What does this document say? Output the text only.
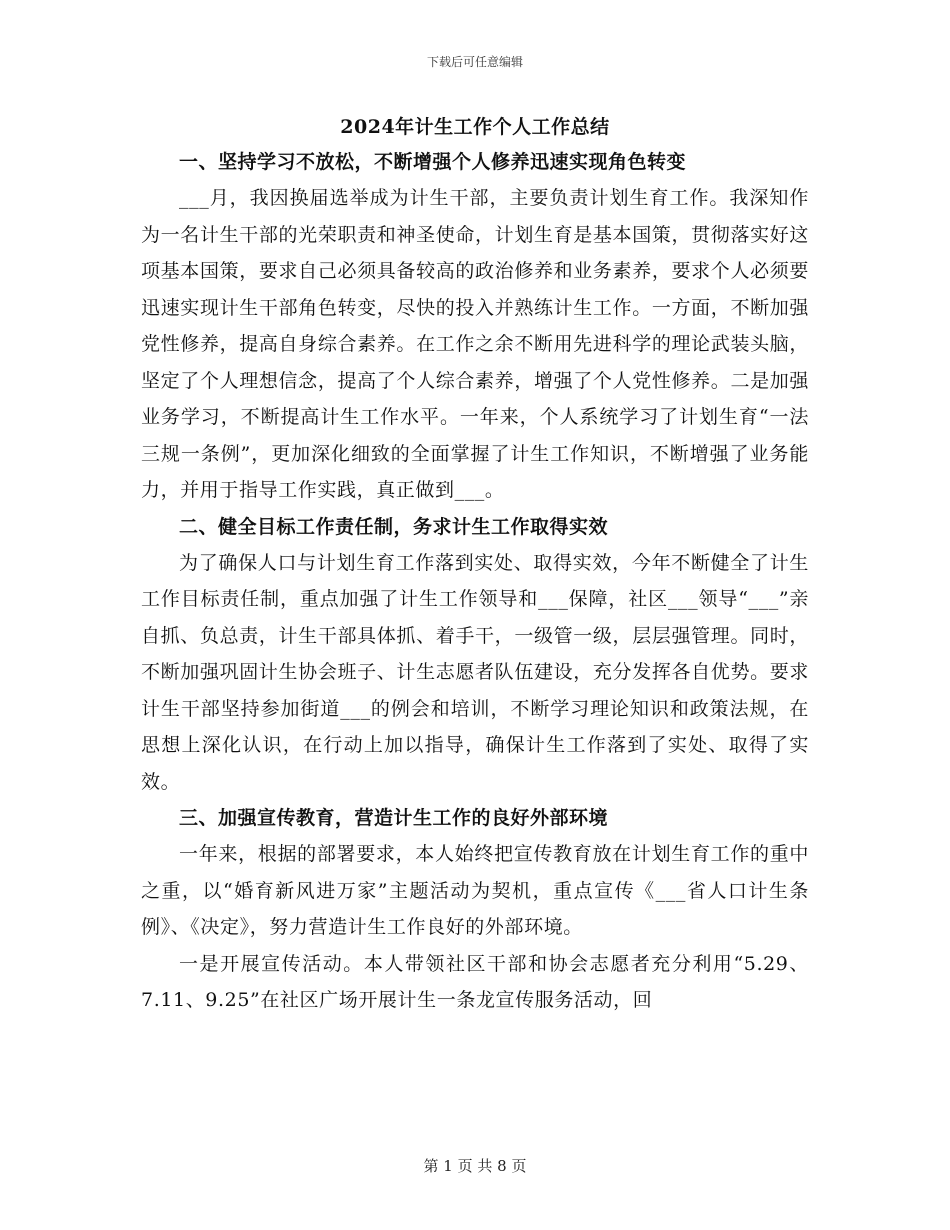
下载后可任意编辑
2024年计生工作个人工作总结
一、坚持学习不放松，不断增强个人修养迅速实现角色转变

___月，我因换届选举成为计生干部，主要负责计划生育工作。我深知作为一名计生干部的光荣职责和神圣使命，计划生育是基本国策，贯彻落实好这项基本国策，要求自己必须具备较高的政治修养和业务素养，要求个人必须要迅速实现计生干部角色转变，尽快的投入并熟练计生工作。一方面，不断加强党性修养，提高自身综合素养。在工作之余不断用先进科学的理论武装头脑，坚定了个人理想信念，提高了个人综合素养，增强了个人党性修养。二是加强业务学习，不断提高计生工作水平。一年来，个人系统学习了计划生育“一法三规一条例”，更加深化细致的全面掌握了计生工作知识，不断增强了业务能力，并用于指导工作实践，真正做到___。

二、健全目标工作责任制，务求计生工作取得实效

为了确保人口与计划生育工作落到实处、取得实效，今年不断健全了计生工作目标责任制，重点加强了计生工作领导和___保障，社区___领导“___”亲自抓、负总责，计生干部具体抓、着手干，一级管一级，层层强管理。同时，不断加强巩固计生协会班子、计生志愿者队伍建设，充分发挥各自优势。要求计生干部坚持参加街道___的例会和培训，不断学习理论知识和政策法规，在思想上深化认识，在行动上加以指导，确保计生工作落到了实处、取得了实效。

三、加强宣传教育，营造计生工作的良好外部环境

一年来，根据的部署要求，本人始终把宣传教育放在计划生育工作的重中之重，以“婚育新风进万家”主题活动为契机，重点宣传《___省人口计生条例》、《决定》，努力营造计生工作良好的外部环境。

一是开展宣传活动。本人带领社区干部和协会志愿者充分利用“5.29、7.11、9.25”在社区广场开展计生一条龙宣传服务活动，回

第 1 页 共 8 页
